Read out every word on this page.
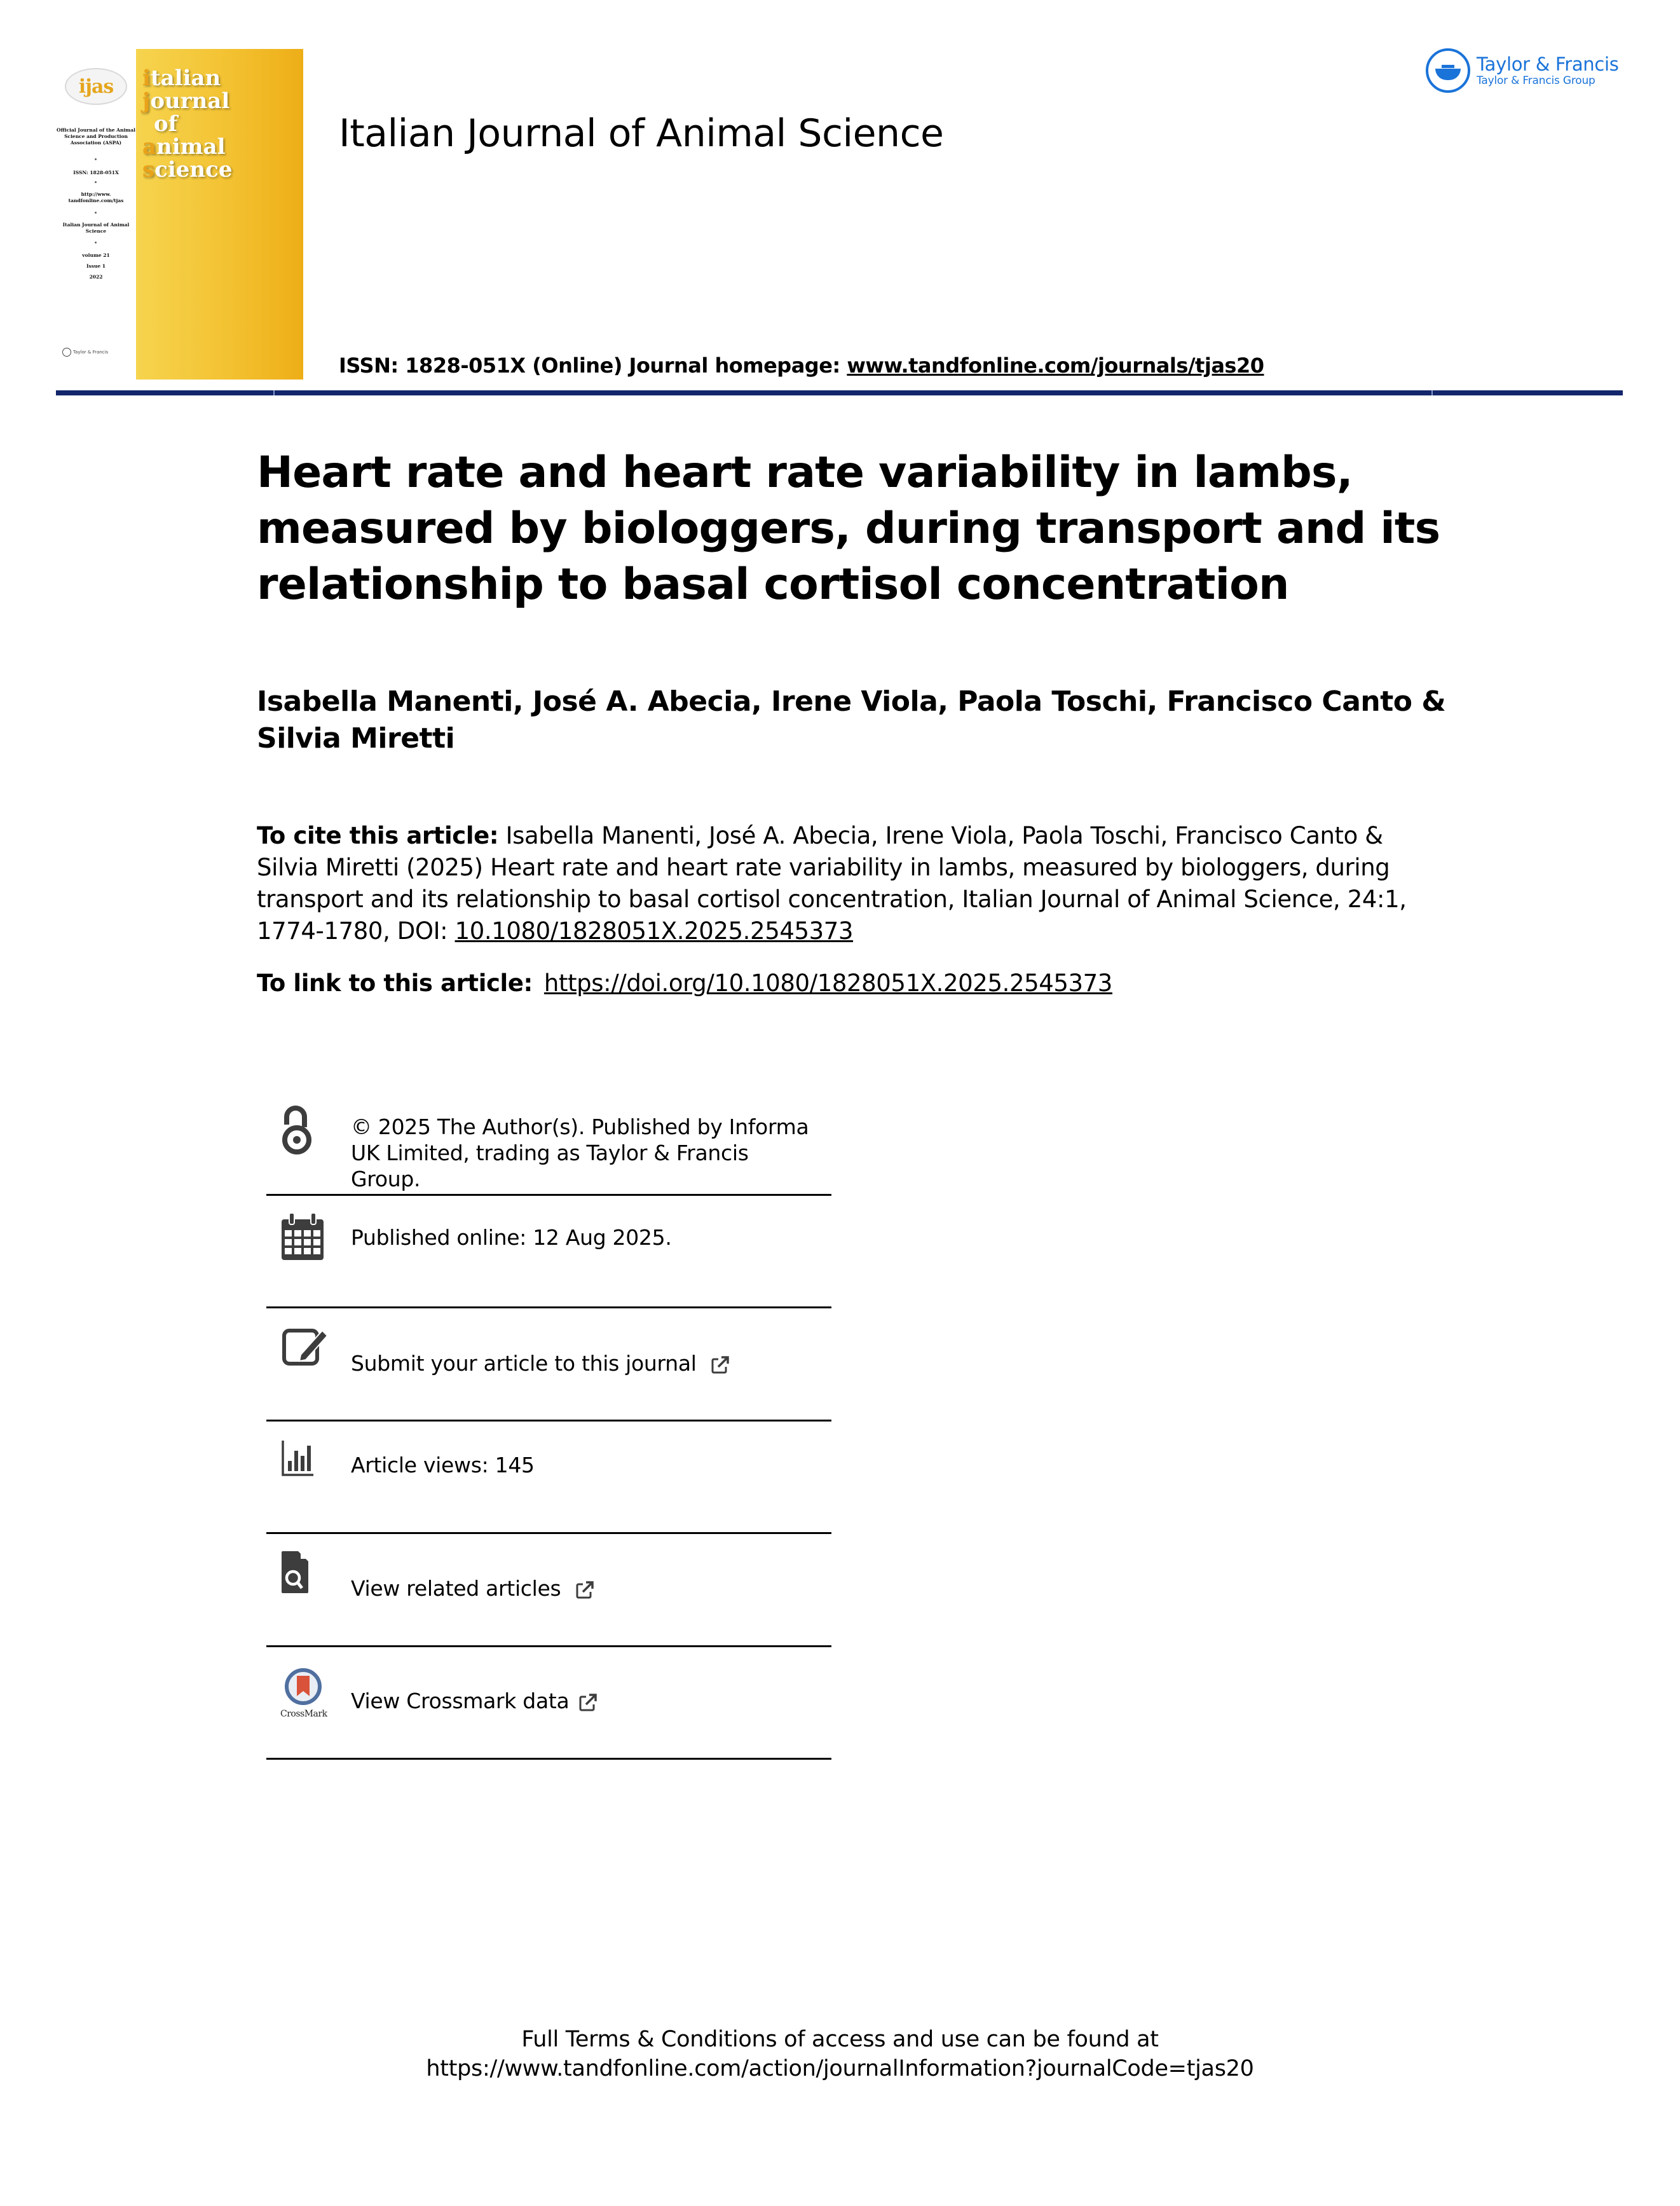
ijas
Official Journal of the Animal Science and Production Association (ASPA)
ISSN: 1828-051X
http://www. tandfonline.com/tjas
Italian Journal of Animal Science
volume 21
Issue 1
2022
Taylor & Francis
italian
journal
of
animal
science
Italian Journal of Animal Science
ISSN: 1828-051X (Online) Journal homepage: www.tandfonline.com/journals/tjas20
Taylor & Francis
Taylor & Francis Group
Heart rate and heart rate variability in lambs, measured by biologgers, during transport and its relationship to basal cortisol concentration
Isabella Manenti, José A. Abecia, Irene Viola, Paola Toschi, Francisco Canto & Silvia Miretti
To cite this article: Isabella Manenti, José A. Abecia, Irene Viola, Paola Toschi, Francisco Canto & Silvia Miretti (2025) Heart rate and heart rate variability in lambs, measured by biologgers, during transport and its relationship to basal cortisol concentration, Italian Journal of Animal Science, 24:1, 1774-1780, DOI: 10.1080/1828051X.2025.2545373
To link to this article: https://doi.org/10.1080/1828051X.2025.2545373
© 2025 The Author(s). Published by Informa
UK Limited, trading as Taylor & Francis
Group.
Published online: 12 Aug 2025.
Submit your article to this journal
Article views: 145
View related articles
CrossMark
View Crossmark data
Full Terms & Conditions of access and use can be found at
https://www.tandfonline.com/action/journalInformation?journalCode=tjas20
